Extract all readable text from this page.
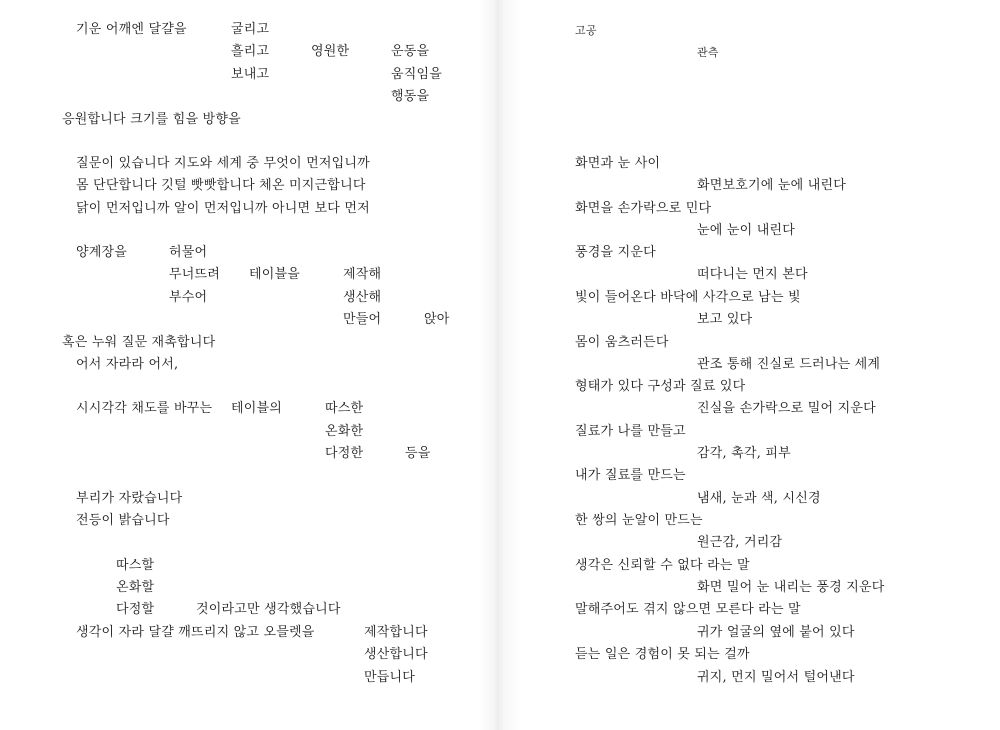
기운 어깨엔 달걀을	굴리고
흘리고	영원한	운동을
보내고	움직임을
행동을
응원합니다 크기를 힘을 방향을
질문이 있습니다 지도와 세계 중 무엇이 먼저입니까
몸 단단합니다 깃털 빳빳합니다 체온 미지근합니다
닭이 먼저입니까 알이 먼저입니까 아니면 보다 먼저
양계장을	허물어
무너뜨려 테이블을	제작해
부수어	생산해
만들어	앉아
혹은 누워 질문 재촉합니다
어서 자라라 어서,
시시각각 채도를 바꾸는 테이블의	따스한
온화한
다정한	등을
부리가 자랐습니다
전등이 밝습니다
따스할
온화할
다정할	것이라고만 생각했습니다
생각이 자라 달걀 깨뜨리지 않고 오믈렛을	제작합니다
생산합니다
만듭니다
고공
관측
화면과 눈 사이
화면보호기에 눈에 내린다
화면을 손가락으로 민다
눈에 눈이 내린다
풍경을 지운다
떠다니는 먼지 본다
빛이 들어온다 바닥에 사각으로 남는 빛
보고 있다
몸이 움츠러든다
관조 통해 진실로 드러나는 세계
형태가 있다 구성과 질료 있다
진실을 손가락으로 밀어 지운다
질료가 나를 만들고
감각, 촉각, 피부
내가 질료를 만드는
냄새, 눈과 색, 시신경
한 쌍의 눈알이 만드는
원근감, 거리감
생각은 신뢰할 수 없다 라는 말
화면 밀어 눈 내리는 풍경 지운다
말해주어도 겪지 않으면 모른다 라는 말
귀가 얼굴의 옆에 붙어 있다
듣는 일은 경험이 못 되는 걸까
귀지, 먼지 밀어서 털어낸다
